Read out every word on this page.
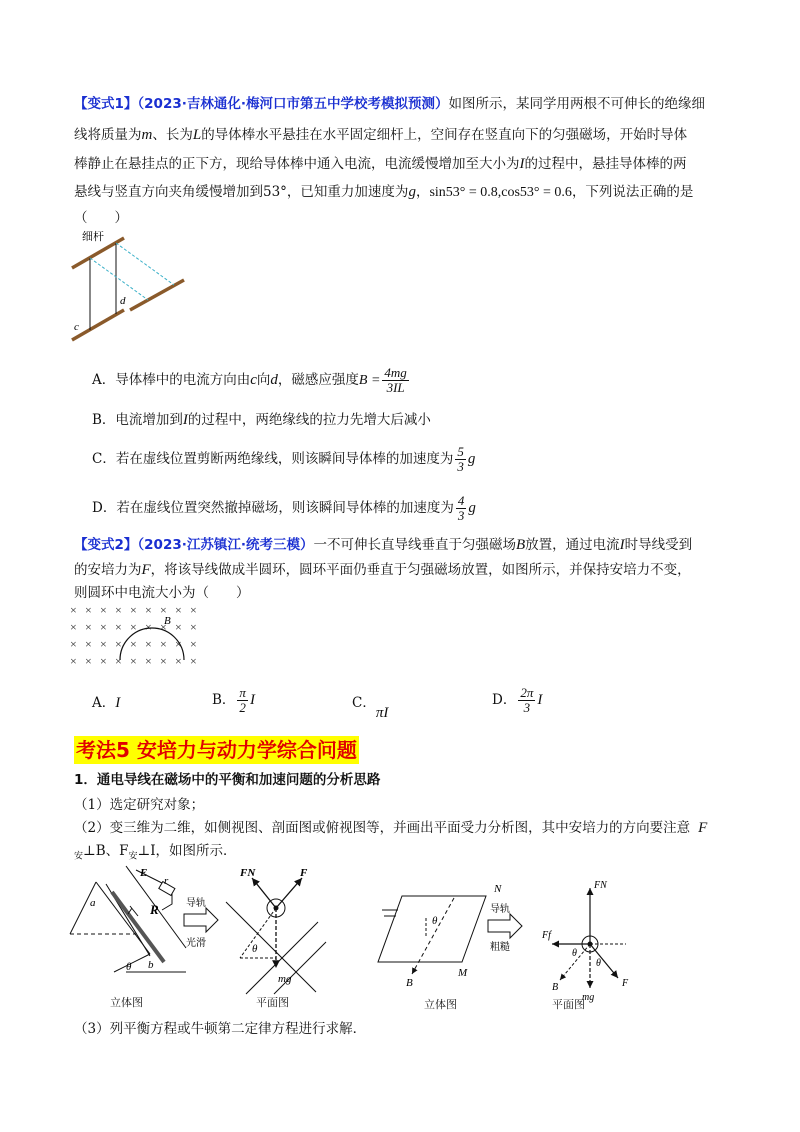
【变式1】（2023·吉林通化·梅河口市第五中学校考模拟预测）如图所示，某同学用两根不可伸长的绝缘细
线将质量为m、长为L的导体棒水平悬挂在水平固定细杆上，空间存在竖直向下的匀强磁场，开始时导体
棒静止在悬挂点的正下方，现给导体棒中通入电流，电流缓慢增加至大小为I的过程中，悬挂导体棒的两
悬线与竖直方向夹角缓慢增加到53°，已知重力加速度为g，sin53° = 0.8,cos53° = 0.6，下列说法正确的是
（　　）
细杆
c
d
A．导体棒中的电流方向由c向d，磁感应强度$B = \frac{4mg}{3IL}$
B．电流增加到I的过程中，两绝缘线的拉力先增大后减小
C．若在虚线位置剪断两绝缘线，则该瞬间导体棒的加速度为 $\frac{5}{3}$ g
D．若在虚线位置突然撤掉磁场，则该瞬间导体棒的加速度为 $\frac{4}{3}$ g
【变式2】（2023·江苏镇江·统考三模）一不可伸长直导线垂直于匀强磁场B放置，通过电流I时导线受到
的安培力为F，将该导线做成半圆环，圆环平面仍垂直于匀强磁场放置，如图所示，并保持安培力不变，
则圆环中电流大小为（　　）
× × × × × × × × ×
× × × × × × × × ×
× × × × × × × × ×
× × × × × × × × ×
B
A．I	B． $\frac{\pi}{2}$ I	C．πI
D． $\frac{2\pi}{3}$ I
考法5 安培力与动力学综合问题
1．通电导线在磁场中的平衡和加速问题的分析思路
（1）选定研究对象；
（2）变三维为二维，如侧视图、剖面图或俯视图等，并画出平面受力分析图，其中安培力的方向要注意 F
$_安$⊥B、$F_安\perp I$，如图所示．
E
r
R
a
b
θ
导轨
光滑
FN	F
θ
mg
N
M
B
θ
导轨
粗糙
FN
Ff
θ
θ
B
mg
F
立体图	平面图	立体图	平面图
（3）列平衡方程或牛顿第二定律方程进行求解．
